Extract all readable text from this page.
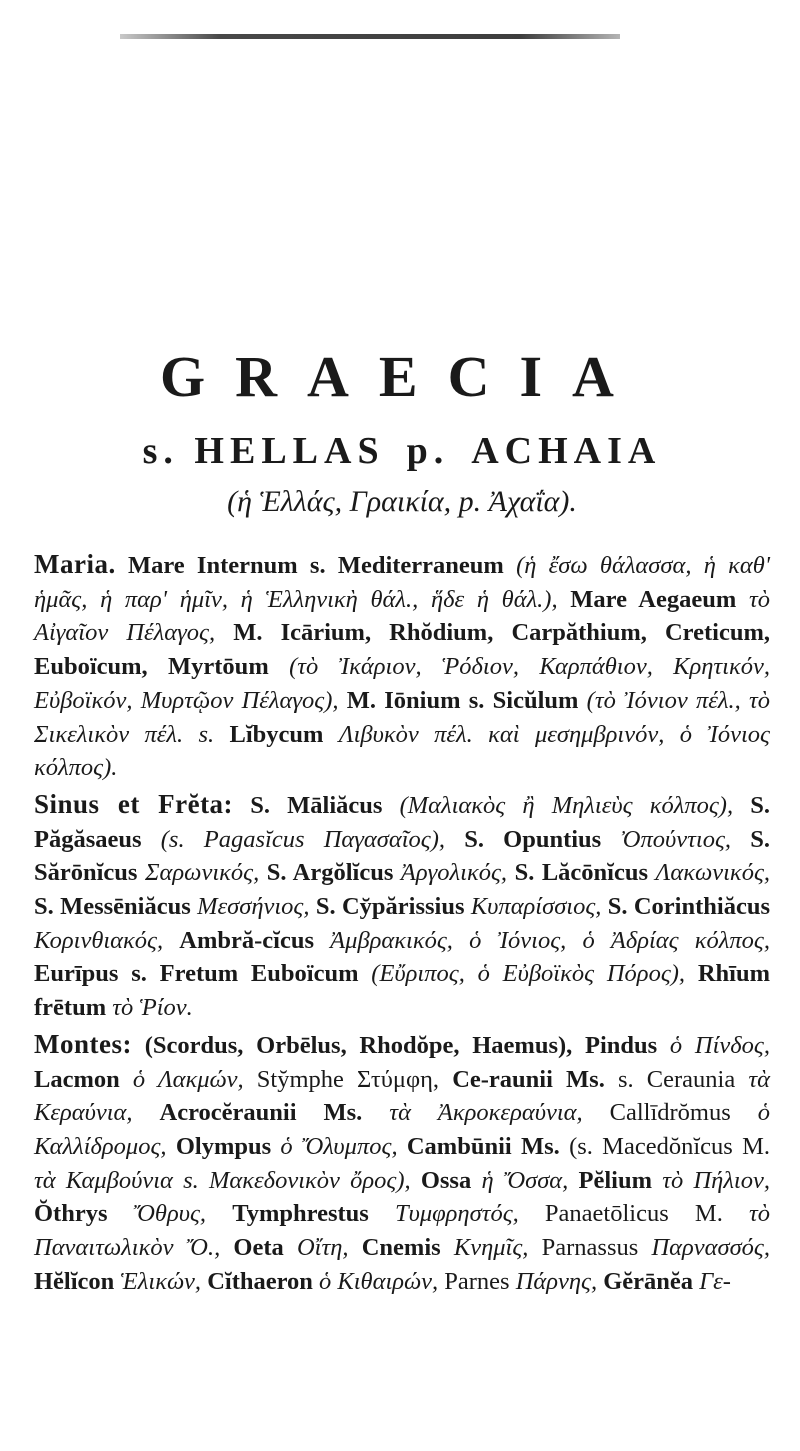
GRAECIA
s. HELLAS p. ACHAIA
(ἡ Ἑλλάς, Γραικία, p. Ἀχαΐα).

Maria. Mare Internum s. Mediterraneum (ἡ ἔσω θάλασσα, ἡ καθ' ἡμᾶς, ἡ παρ' ἡμῖν, ἡ Ἑλληνικὴ θάλ., ἥδε ἡ θάλ.), Mare Aegaeum τὸ Αἰγαῖον Πέλαγος, M. Icārium, Rhŏdium, Carpăthium, Creticum, Euboïcum, Myrtōum (τὸ Ἰκάριον, Ῥόδιον, Καρπάθιον, Κρητικόν, Εὐβοϊκόν, Μυρτῷον Πέλαγος), M. Iōnium s. Sicŭlum (τὸ Ἰόνιον πέλ., τὸ Σικελικὸν πέλ. s. Lĭbycum Λιβυκὸν πέλ. καὶ μεσημβρινόν, ὁ Ἰόνιος κόλπος).

Sinus et Frĕta: S. Māliăcus (Μαλιακὸς ἢ Μηλιεὺς κόλπος), S. Păgăsaeus (s. Pagasĭcus Παγασαῖος), S. Opuntius Ὀπούντιος, S. Sărōnĭcus Σαρωνικός, S. Argŏlĭcus Ἀργολικός, S. Lăcōnĭcus Λακωνικός, S. Messēniăcus Μεσσήνιος, S. Cy̆părissius Κυπαρίσσιος, S. Corinthiăcus Κορινθιακός, Ambră-cĭcus Ἀμβρακικός, ὁ Ἰόνιος, ὁ Ἀδρίας κόλπος, Eurīpus s. Fretum Euboïcum (Εὔριπος, ὁ Εὐβοϊκὸς Πόρος), Rhīum frētum τὸ Ῥίον.

Montes: (Scordus, Orbēlus, Rhodŏpe, Haemus), Pindus ὁ Πίνδος, Lacmon ὁ Λακμών, Sty̆mphe Στύμφη, Ce-raunii Ms. s. Ceraunia τὰ Κεραύνια, Acrocĕraunii Ms. τὰ Ἀκροκεραύνια, Callīdrŏmus ὁ Καλλίδρομος, Olympus ὁ Ὄλυμπος, Cambūnii Ms. (s. Macedŏnĭcus M. τὰ Καμβούνια s. Μακεδονικὸν ὄρος), Ossa ἡ Ὄσσα, Pĕlium τὸ Πήλιον, Ŏthrys Ὄθρυς, Tymphrestus Τυμφρηστός, Panaetōlicus M. τὸ Παναιτωλικὸν Ὄ., Oeta Οἴτη, Cnemis Κνημῖς, Parnassus Παρνασσός, Hĕlĭcon Ἑλικών, Cĭthaeron ὁ Κιθαιρών, Parnes Πάρνης, Gĕrānĕa Γε-
